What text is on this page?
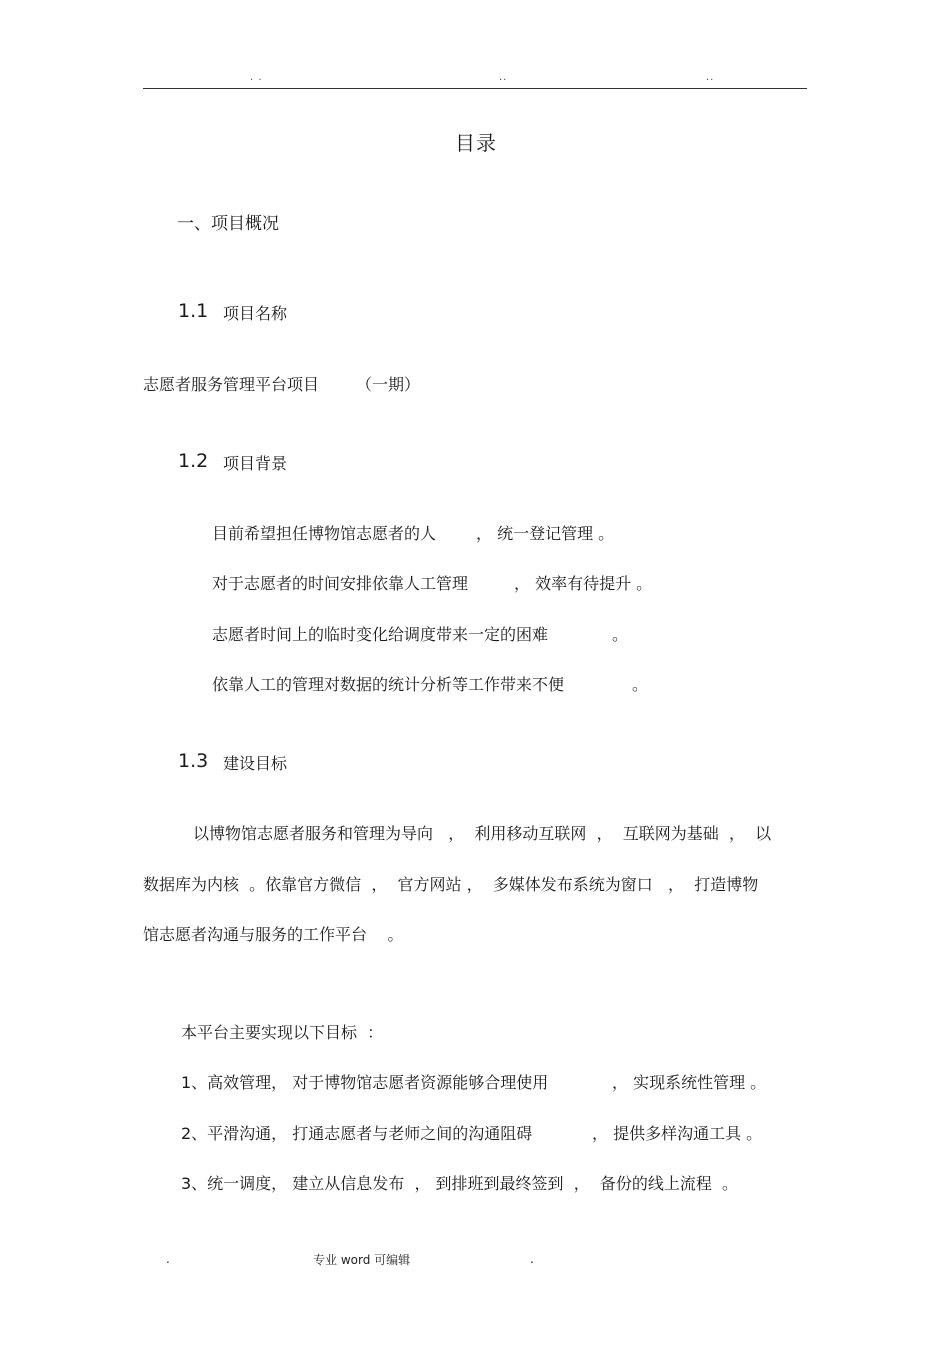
. .	..	..
目录
一、项目概况
1.1 项目名称
志愿者服务管理平台项目 （一期）
1.2 项目背景
目前希望担任博物馆志愿者的人 ， 统一登记管理 。
对于志愿者的时间安排依靠人工管理	， 效率有待提升 。
志愿者时间上的临时变化给调度带来一定的困难	。
依靠人工的管理对数据的统计分析等工作带来不便	。
1.3 建设目标
以博物馆志愿者服务和管理为导向   ，  利用移动互联网  ，  互联网为基础  ，  以
数据库为内核  。依靠官方微信  ，  官方网站 ，  多媒体发布系统为窗口   ，  打造博物
馆志愿者沟通与服务的工作平台    。
本平台主要实现以下目标  ：
1、高效管理， 对于博物馆志愿者资源能够合理使用	， 实现系统性管理 。
2、平滑沟通， 打通志愿者与老师之间的沟通阻碍	， 提供多样沟通工具 。
3、统一调度， 建立从信息发布  ， 到排班到最终签到  ，  备份的线上流程  。
.	专业 word 可编辑	.
